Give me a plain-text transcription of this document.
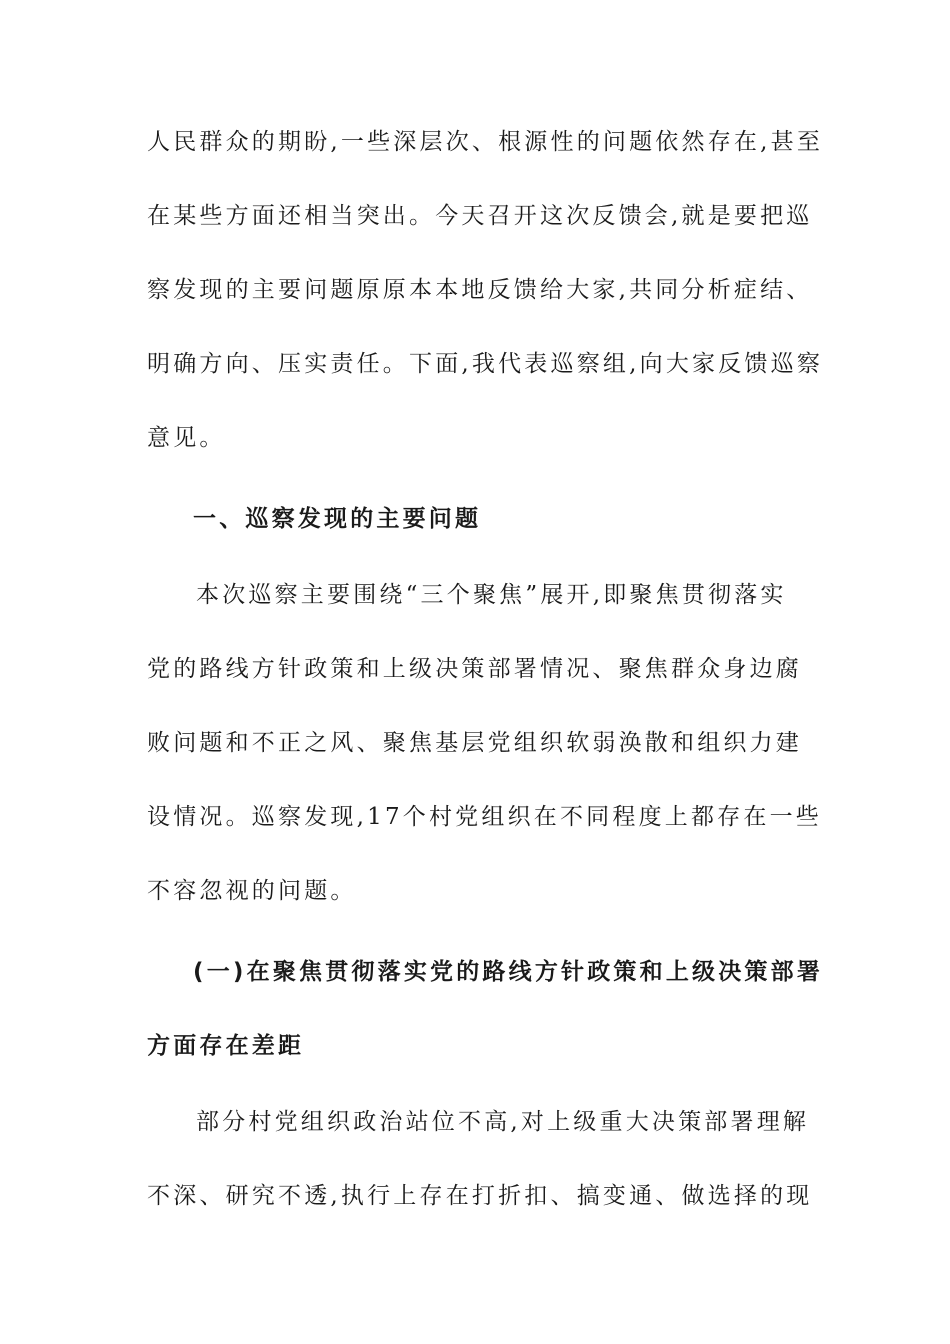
人民群众的期盼,一些深层次、根源性的问题依然存在,甚至
在某些方面还相当突出。今天召开这次反馈会,就是要把巡
察发现的主要问题原原本本地反馈给大家,共同分析症结、
明确方向、压实责任。下面,我代表巡察组,向大家反馈巡察
意见。
一、巡察发现的主要问题
本次巡察主要围绕“三个聚焦”展开,即聚焦贯彻落实
党的路线方针政策和上级决策部署情况、聚焦群众身边腐
败问题和不正之风、聚焦基层党组织软弱涣散和组织力建
设情况。巡察发现,17个村党组织在不同程度上都存在一些
不容忽视的问题。
(一)在聚焦贯彻落实党的路线方针政策和上级决策部署
方面存在差距
部分村党组织政治站位不高,对上级重大决策部署理解
不深、研究不透,执行上存在打折扣、搞变通、做选择的现
